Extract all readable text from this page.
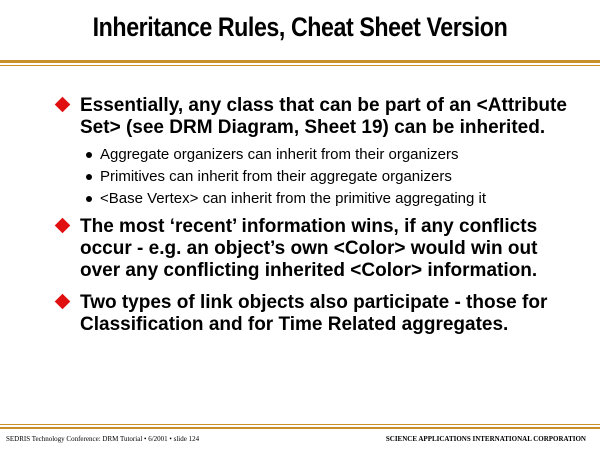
Inheritance Rules, Cheat Sheet Version
Essentially, any class that can be part of an <Attribute Set> (see DRM Diagram, Sheet 19) can be inherited.
Aggregate organizers can inherit from their organizers
Primitives can inherit from their aggregate organizers
<Base Vertex> can inherit from the primitive aggregating it
The most ‘recent’ information wins, if any conflicts occur - e.g. an object’s own <Color> would win out over any conflicting inherited <Color> information.
Two types of link objects also participate - those for Classification and for Time Related aggregates.
SEDRIS Technology Conference: DRM Tutorial • 6/2001 • slide 124	SCIENCE APPLICATIONS INTERNATIONAL CORPORATION
